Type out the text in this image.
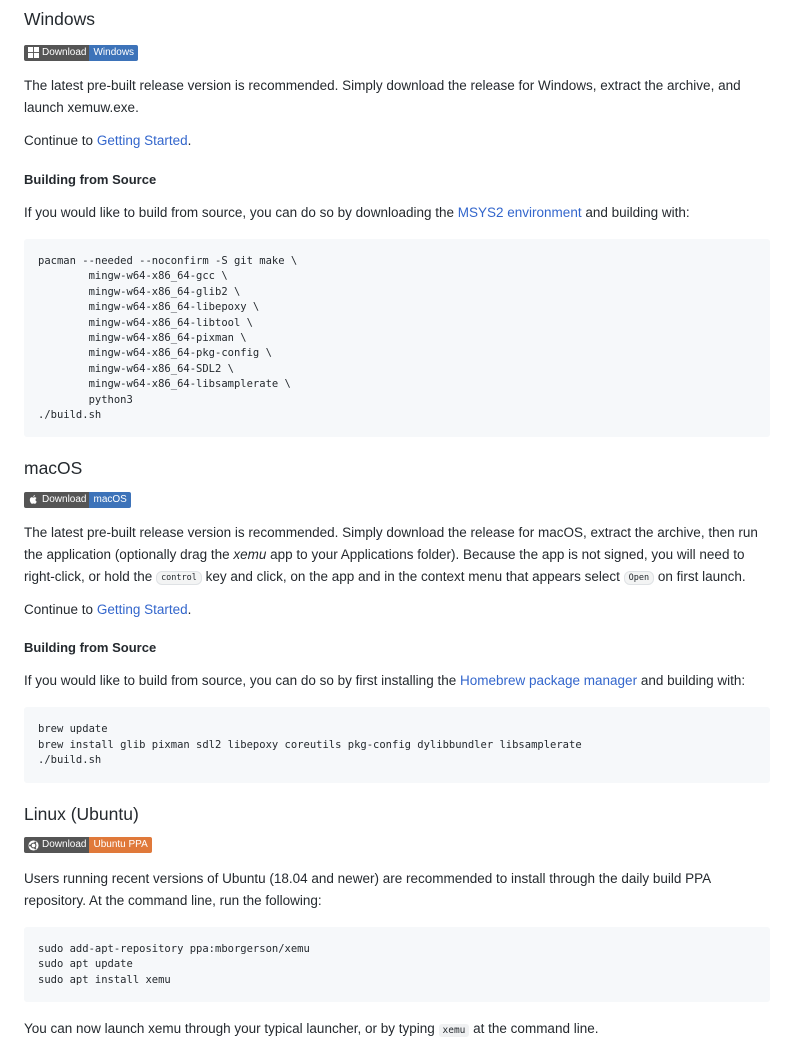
Windows
Download Windows

The latest pre-built release version is recommended. Simply download the release for Windows, extract the archive, and launch xemuw.exe.

Continue to Getting Started.

Building from Source

If you would like to build from source, you can do so by downloading the MSYS2 environment and building with:

pacman --needed --noconfirm -S git make \
mingw-w64-x86_64-gcc \
mingw-w64-x86_64-glib2 \
mingw-w64-x86_64-libepoxy \
mingw-w64-x86_64-libtool \
mingw-w64-x86_64-pixman \
mingw-w64-x86_64-pkg-config \
mingw-w64-x86_64-SDL2 \
mingw-w64-x86_64-libsamplerate \
python3
./build.sh
macOS
Download macOS

The latest pre-built release version is recommended. Simply download the release for macOS, extract the archive, then run the application (optionally drag the xemu app to your Applications folder). Because the app is not signed, you will need to right-click, or hold the control key and click, on the app and in the context menu that appears select Open on first launch.

Continue to Getting Started.

Building from Source

If you would like to build from source, you can do so by first installing the Homebrew package manager and building with:

brew update
brew install glib pixman sdl2 libepoxy coreutils pkg-config dylibbundler libsamplerate
./build.sh
Linux (Ubuntu)
Download Ubuntu PPA

Users running recent versions of Ubuntu (18.04 and newer) are recommended to install through the daily build PPA repository. At the command line, run the following:

sudo add-apt-repository ppa:mborgerson/xemu
sudo apt update
sudo apt install xemu

You can now launch xemu through your typical launcher, or by typing xemu at the command line.
